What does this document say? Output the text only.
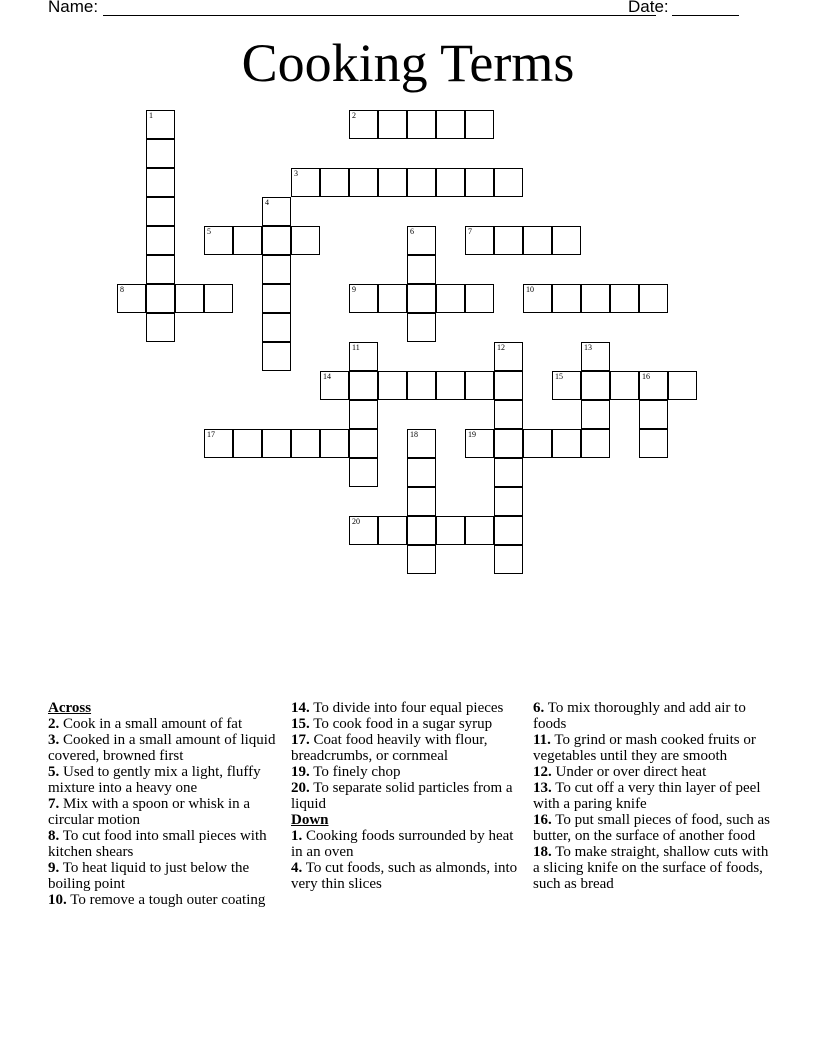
Name:	Date:
Cooking Terms
1	2
3
4
5	6	7
8	9	10
11	12	13
14	15	16
17	18	19
20
Across
2. Cook in a small amount of fat
3. Cooked in a small amount of liquid covered, browned first
5. Used to gently mix a light, fluffy mixture into a heavy one
7. Mix with a spoon or whisk in a circular motion
8. To cut food into small pieces with kitchen shears
9. To heat liquid to just below the boiling point
10. To remove a tough outer coating
14. To divide into four equal pieces
15. To cook food in a sugar syrup
17. Coat food heavily with flour, breadcrumbs, or cornmeal
19. To finely chop
20. To separate solid particles from a liquid
Down
1. Cooking foods surrounded by heat in an oven
4. To cut foods, such as almonds, into very thin slices
6. To mix thoroughly and add air to foods
11. To grind or mash cooked fruits or vegetables until they are smooth
12. Under or over direct heat
13. To cut off a very thin layer of peel with a paring knife
16. To put small pieces of food, such as butter, on the surface of another food
18. To make straight, shallow cuts with a slicing knife on the surface of foods, such as bread
